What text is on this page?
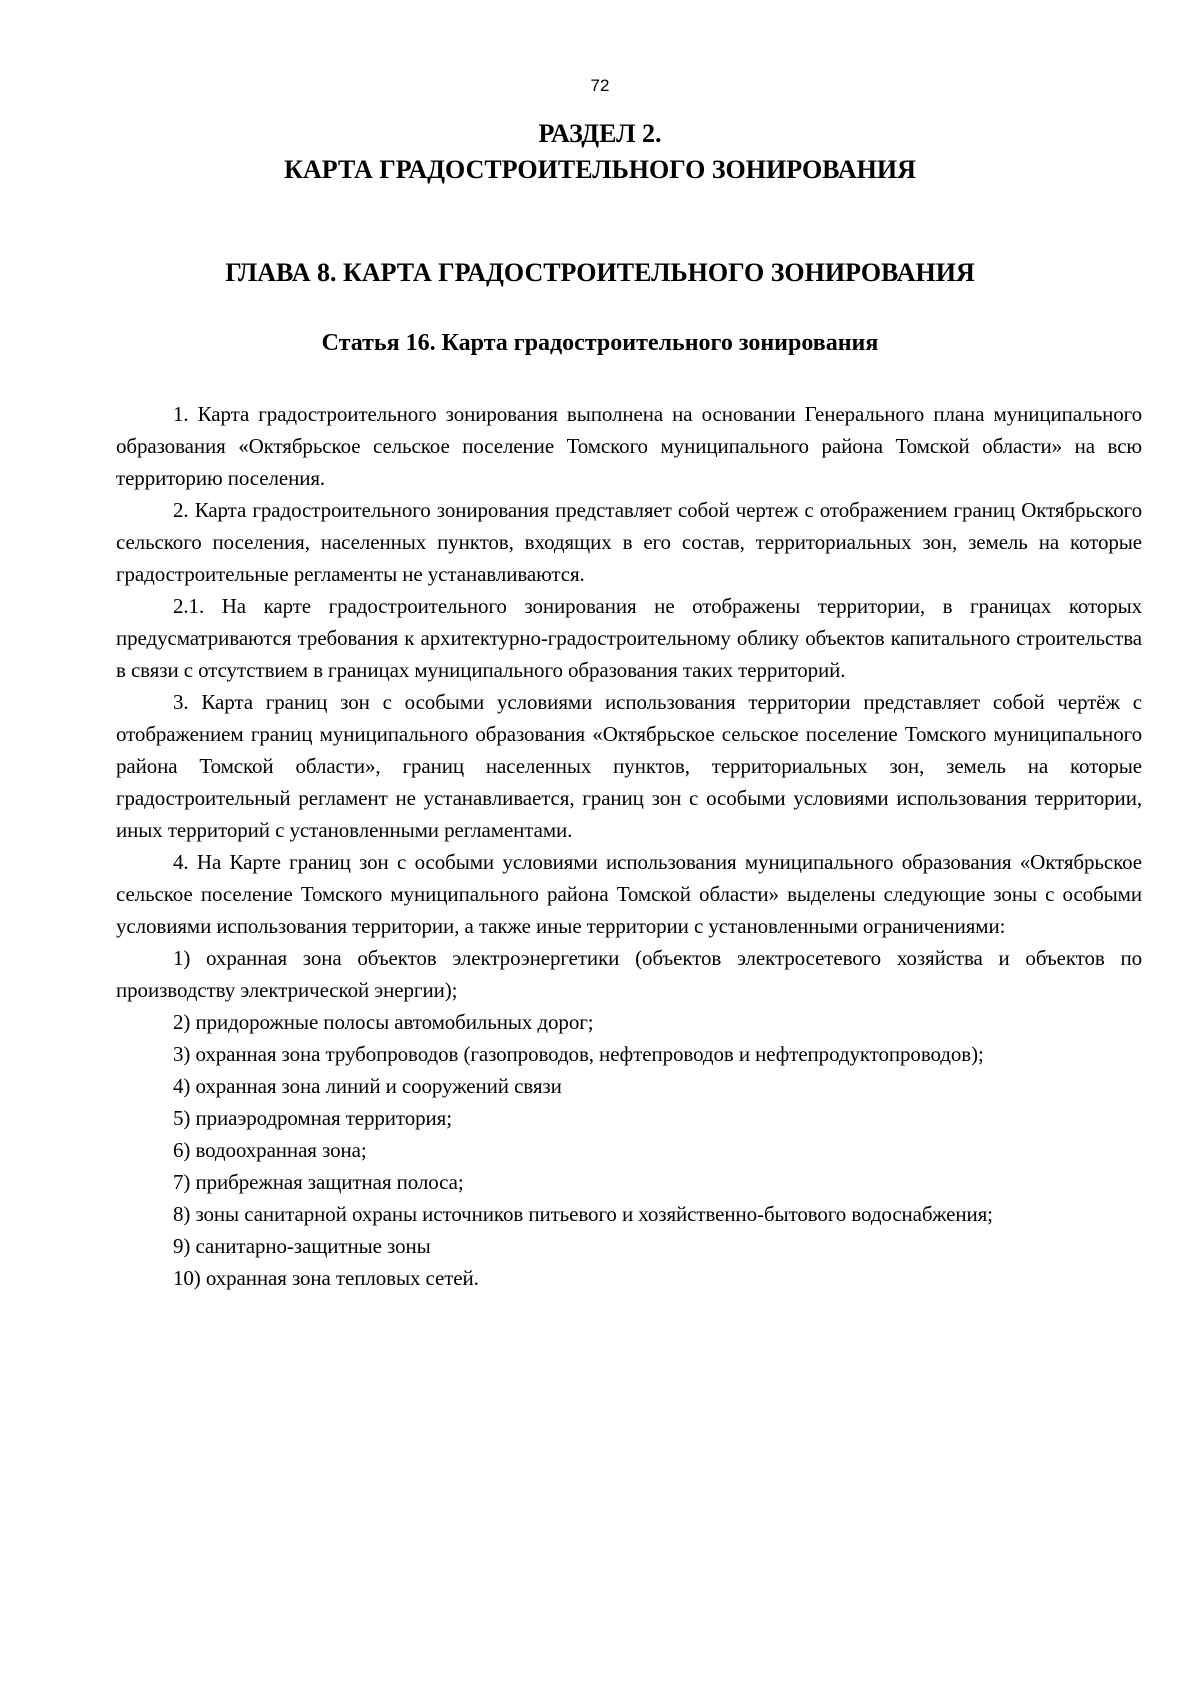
72
РАЗДЕЛ 2.
КАРТА ГРАДОСТРОИТЕЛЬНОГО ЗОНИРОВАНИЯ
ГЛАВА 8. КАРТА ГРАДОСТРОИТЕЛЬНОГО ЗОНИРОВАНИЯ
Статья 16. Карта градостроительного зонирования

1. Карта градостроительного зонирования выполнена на основании Генерального плана муниципального образования «Октябрьское сельское поселение Томского муниципального района Томской области» на всю территорию поселения.

2. Карта градостроительного зонирования представляет собой чертеж с отображением границ Октябрьского сельского поселения, населенных пунктов, входящих в его состав, территориальных зон, земель на которые градостроительные регламенты не устанавливаются.

2.1. На карте градостроительного зонирования не отображены территории, в границах которых предусматриваются требования к архитектурно-градостроительному облику объектов капитального строительства в связи с отсутствием в границах муниципального образования таких территорий.

3. Карта границ зон с особыми условиями использования территории представляет собой чертёж с отображением границ муниципального образования «Октябрьское сельское поселение Томского муниципального района Томской области», границ населенных пунктов, территориальных зон, земель на которые градостроительный регламент не устанавливается, границ зон с особыми условиями использования территории, иных территорий с установленными регламентами.

4. На Карте границ зон с особыми условиями использования муниципального образования «Октябрьское сельское поселение Томского муниципального района Томской области» выделены следующие зоны с особыми условиями использования территории, а также иные территории с установленными ограничениями:

1) охранная зона объектов электроэнергетики (объектов электросетевого хозяйства и объектов по производству электрической энергии);

2) придорожные полосы автомобильных дорог;

3) охранная зона трубопроводов (газопроводов, нефтепроводов и нефтепродуктопроводов);

4) охранная зона линий и сооружений связи

5) приаэродромная территория;

6) водоохранная зона;

7) прибрежная защитная полоса;

8) зоны санитарной охраны источников питьевого и хозяйственно-бытового водоснабжения;

9) санитарно-защитные зоны

10) охранная зона тепловых сетей.
